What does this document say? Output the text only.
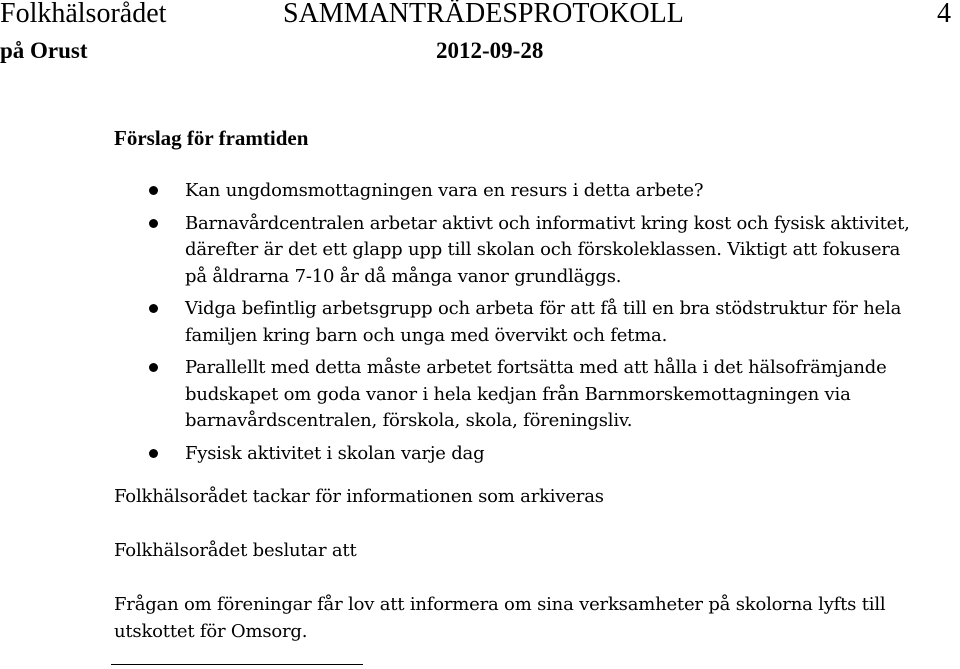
Folkhälsorådet	SAMMANTRÄDESPROTOKOLL	4
på Orust	2012-09-28
Förslag för framtiden
Kan ungdomsmottagningen vara en resurs i detta arbete?
Barnavårdcentralen arbetar aktivt och informativt kring kost och fysisk aktivitet, därefter är det ett glapp upp till skolan och förskoleklassen. Viktigt att fokusera på åldrarna 7-10 år då många vanor grundläggs.
Vidga befintlig arbetsgrupp och arbeta för att få till en bra stödstruktur för hela familjen kring barn och unga med övervikt och fetma.
Parallellt med detta måste arbetet fortsätta med att hålla i det hälsofrämjande budskapet om goda vanor i hela kedjan från Barnmorskemottagningen via barnavårdscentralen, förskola, skola, föreningsliv.
Fysisk aktivitet i skolan varje dag

Folkhälsorådet tackar för informationen som arkiveras

Folkhälsorådet beslutar att

Frågan om föreningar får lov att informera om sina verksamheter på skolorna lyfts till utskottet för Omsorg.
